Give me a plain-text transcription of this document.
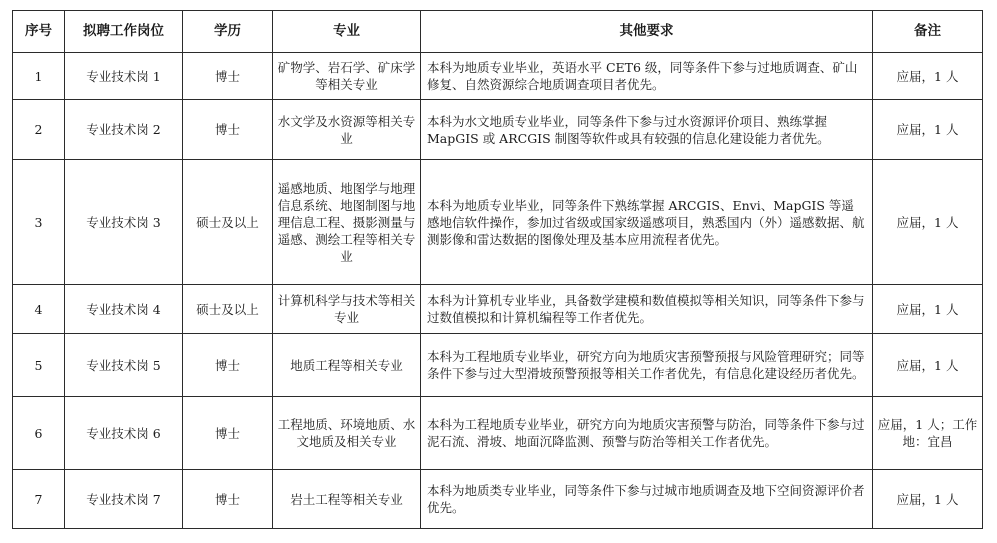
序号	拟聘工作岗位	学历	专业	其他要求	备注
1	专业技术岗 1	博士	矿物学、岩石学、矿床学等相关专业	本科为地质专业毕业，英语水平 CET6 级，同等条件下参与过地质调查、矿山修复、自然资源综合地质调查项目者优先。	应届，1 人
2	专业技术岗 2	博士	水文学及水资源等相关专业	本科为水文地质专业毕业，同等条件下参与过水资源评价项目、熟练掌握 MapGIS 或 ARCGIS 制图等软件或具有较强的信息化建设能力者优先。	应届，1 人
3	专业技术岗 3	硕士及以上	遥感地质、地图学与地理信息系统、地图制图与地理信息工程、摄影测量与遥感、测绘工程等相关专业	本科为地质专业毕业，同等条件下熟练掌握 ARCGIS、Envi、MapGIS 等遥感地信软件操作，参加过省级或国家级遥感项目，熟悉国内（外）遥感数据、航测影像和雷达数据的图像处理及基本应用流程者优先。	应届，1 人
4	专业技术岗 4	硕士及以上	计算机科学与技术等相关专业	本科为计算机专业毕业，具备数学建模和数值模拟等相关知识，同等条件下参与过数值模拟和计算机编程等工作者优先。	应届，1 人
5	专业技术岗 5	博士	地质工程等相关专业	本科为工程地质专业毕业，研究方向为地质灾害预警预报与风险管理研究；同等条件下参与过大型滑坡预警预报等相关工作者优先，有信息化建设经历者优先。	应届，1 人
6	专业技术岗 6	博士	工程地质、环境地质、水文地质及相关专业	本科为工程地质专业毕业，研究方向为地质灾害预警与防治，同等条件下参与过泥石流、滑坡、地面沉降监测、预警与防治等相关工作者优先。	应届，1 人；工作地：宜昌
7	专业技术岗 7	博士	岩土工程等相关专业	本科为地质类专业毕业，同等条件下参与过城市地质调查及地下空间资源评价者优先。	应届，1 人
